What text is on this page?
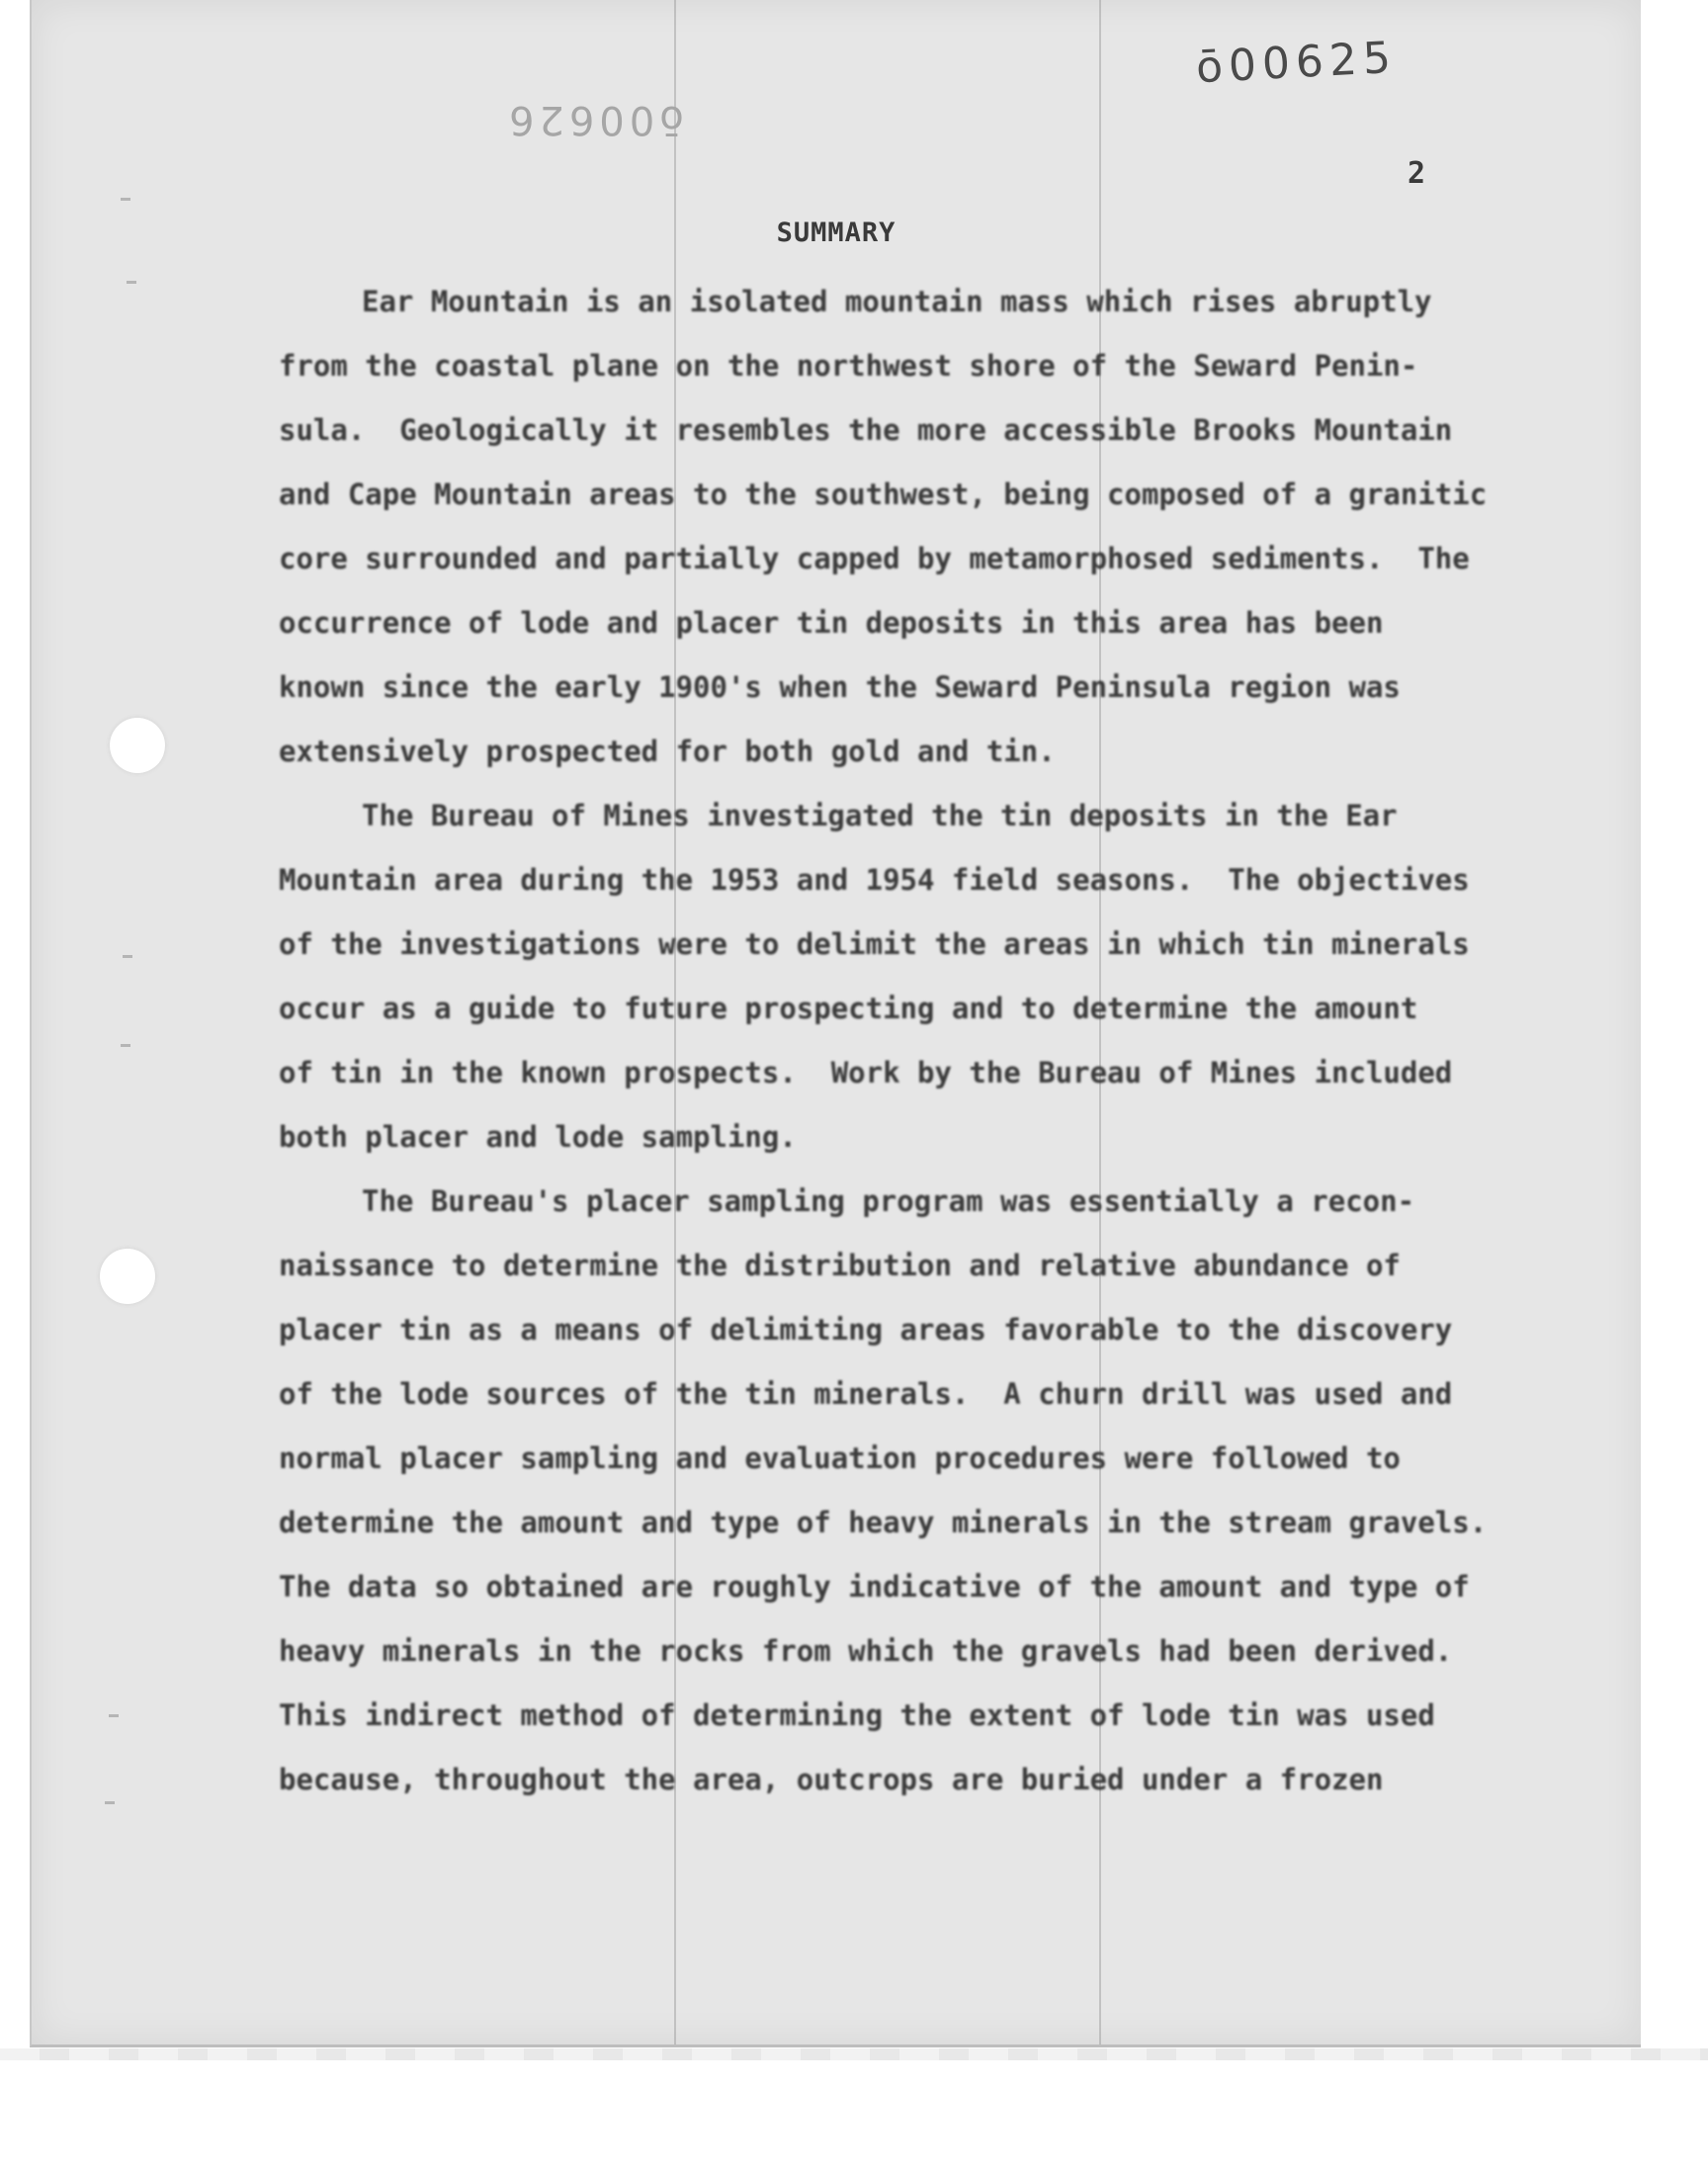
ō00625
ō00626
2
SUMMARY
Ear Mountain is an isolated mountain mass which rises abruptly
from the coastal plane on the northwest shore of the Seward Penin-
sula.  Geologically it resembles the more accessible Brooks Mountain
and Cape Mountain areas to the southwest, being composed of a granitic
core surrounded and partially capped by metamorphosed sediments.  The
occurrence of lode and placer tin deposits in this area has been
known since the early 1900's when the Seward Peninsula region was
extensively prospected for both gold and tin.
The Bureau of Mines investigated the tin deposits in the Ear
Mountain area during the 1953 and 1954 field seasons.  The objectives
of the investigations were to delimit the areas in which tin minerals
occur as a guide to future prospecting and to determine the amount
of tin in the known prospects.  Work by the Bureau of Mines included
both placer and lode sampling.
The Bureau's placer sampling program was essentially a recon-
naissance to determine the distribution and relative abundance of
placer tin as a means of delimiting areas favorable to the discovery
of the lode sources of the tin minerals.  A churn drill was used and
normal placer sampling and evaluation procedures were followed to
determine the amount and type of heavy minerals in the stream gravels.
The data so obtained are roughly indicative of the amount and type of
heavy minerals in the rocks from which the gravels had been derived.
This indirect method of determining the extent of lode tin was used
because, throughout the area, outcrops are buried under a frozen
